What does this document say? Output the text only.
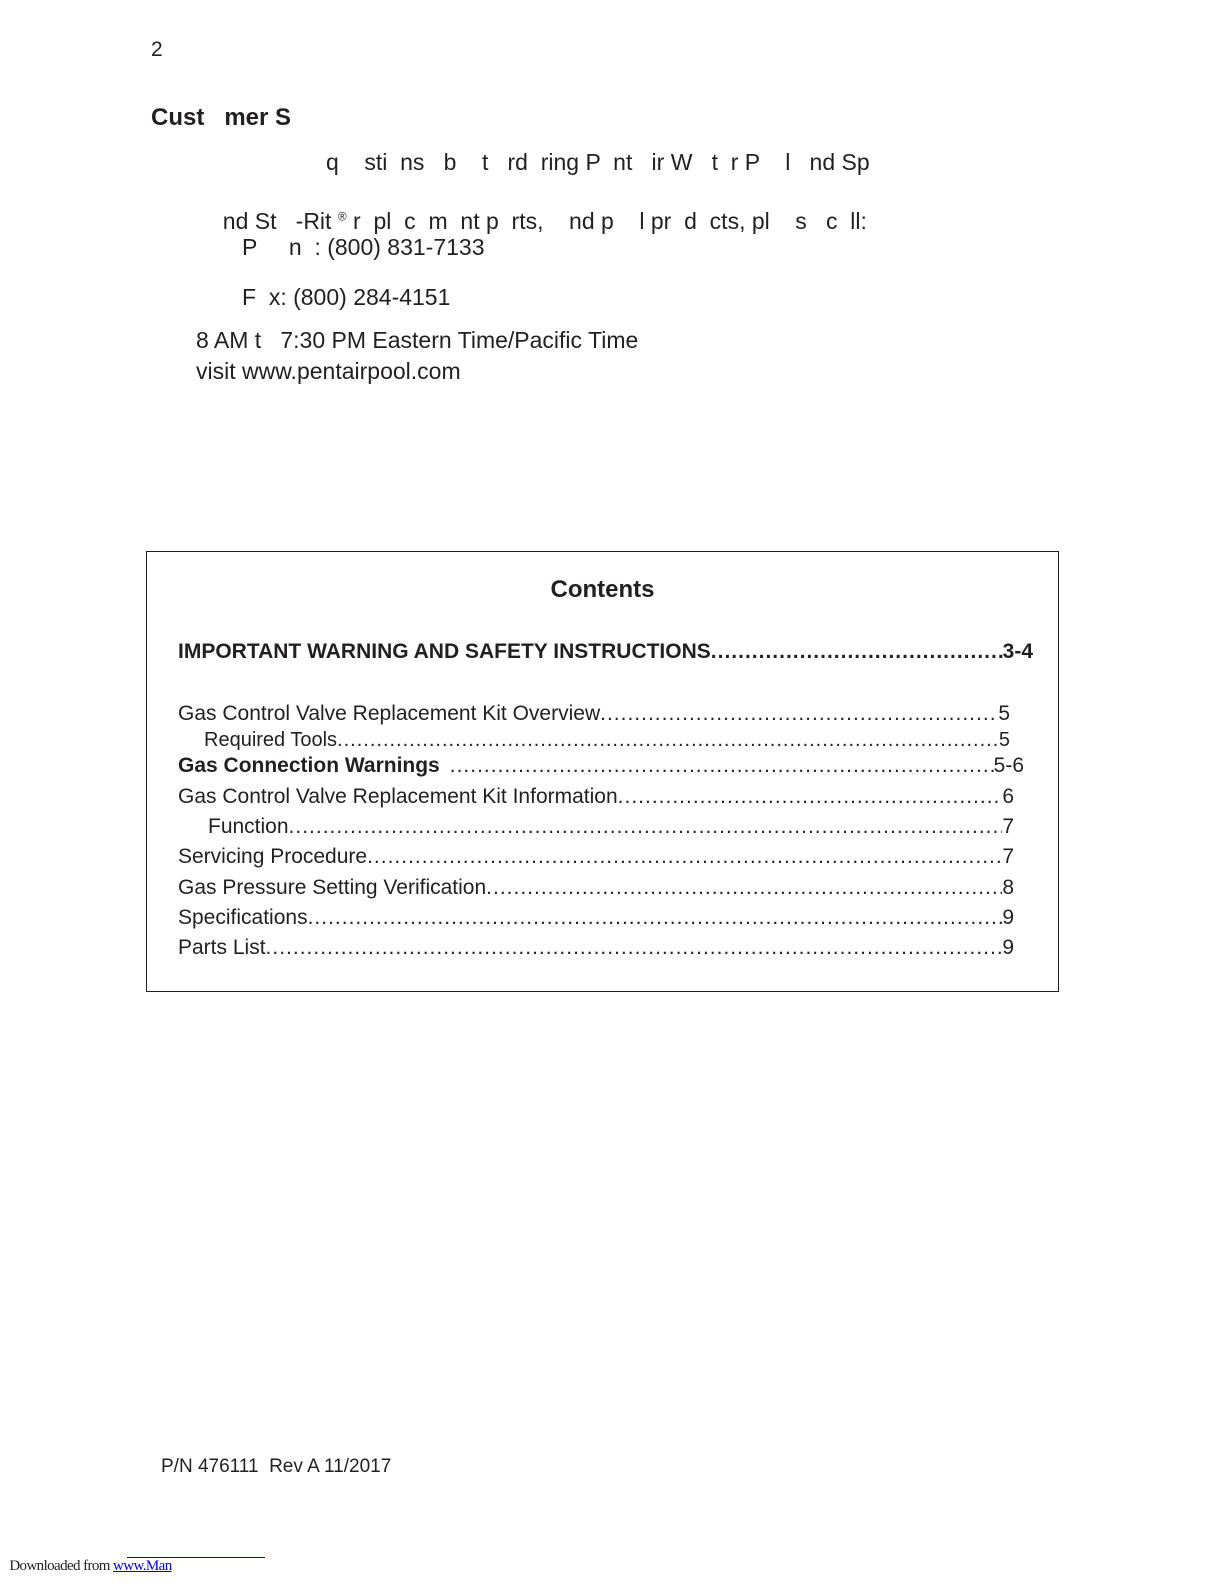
2
Cust   mer S
q    sti  ns   b    t   rd  ring P  nt   ir W   t  r P    l   nd Sp

nd St   -Rit ® r  pl  c  m  nt p  rts,    nd p    l pr  d  cts, pl    s   c  ll:

P     n  : (800) 831-7133
F  x: (800) 284-4151
8 AM t   7:30 PM Eastern Time/Pacific Time
visit www.pentairpool.com
Contents
IMPORTANT WARNING AND SAFETY INSTRUCTIONS .....	3-4
Gas Control Valve Replacement Kit Overview .....	5
Required Tools .....	5
Gas Connection Warnings .....	5-6
Gas Control Valve Replacement Kit Information .....	6
Function .....	7
Servicing Procedure .....	7
Gas Pressure Setting Verification .....	8
Specifications .....	9
Parts List .....	9
P/N 476111  Rev A 11/2017

Downloaded from www.Man
